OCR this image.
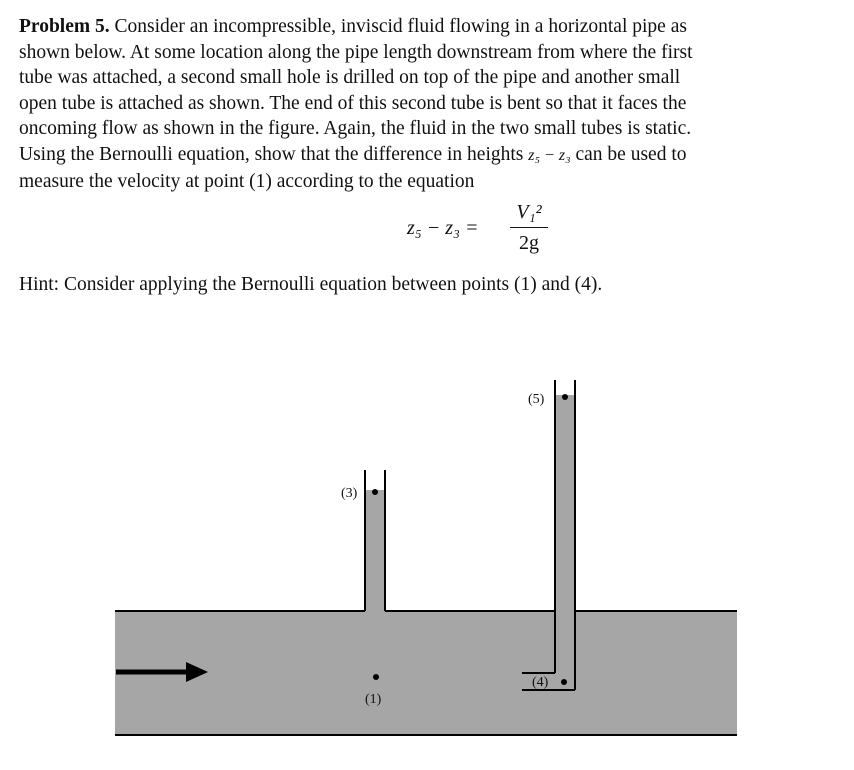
Problem 5. Consider an incompressible, inviscid fluid flowing in a horizontal pipe as
shown below. At some location along the pipe length downstream from where the first
tube was attached, a second small hole is drilled on top of the pipe and another small
open tube is attached as shown. The end of this second tube is bent so that it faces the
oncoming flow as shown in the figure. Again, the fluid in the two small tubes is static.
Using the Bernoulli equation, show that the difference in heights z₅ − z₃ can be used to
measure the velocity at point (1) according to the equation
z₅ − z₃ =
V₁²
2g
Hint: Consider applying the Bernoulli equation between points (1) and (4).
(3)
(5)
(1)
(4)
